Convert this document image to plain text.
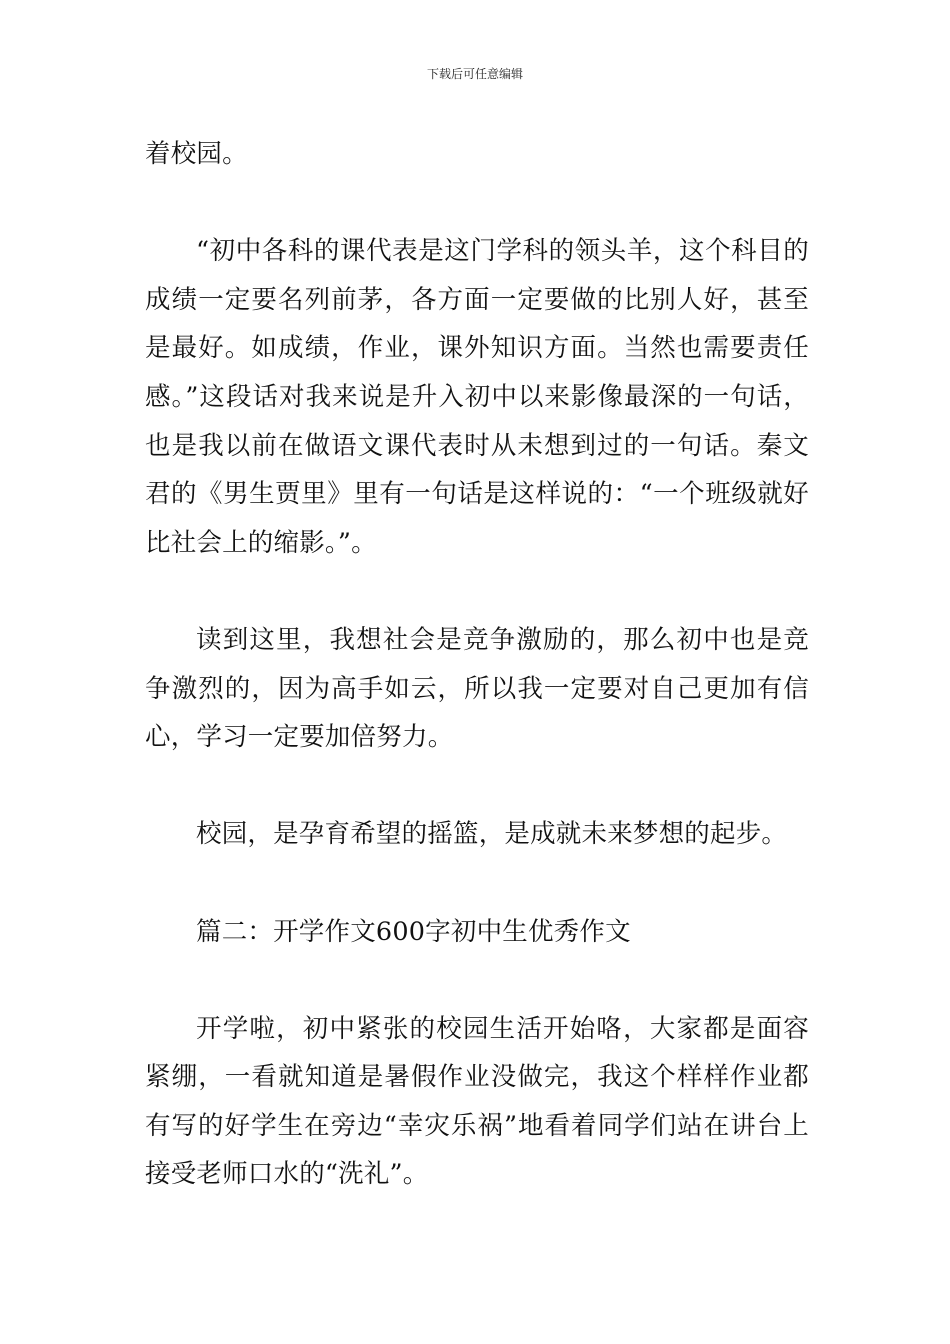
下载后可任意编辑

着校园。

“初中各科的课代表是这门学科的领头羊，这个科目的成绩一定要名列前茅，各方面一定要做的比别人好，甚至是最好。如成绩，作业，课外知识方面。当然也需要责任感。”这段话对我来说是升入初中以来影像最深的一句话，也是我以前在做语文课代表时从未想到过的一句话。秦文君的《男生贾里》里有一句话是这样说的：“一个班级就好比社会上的缩影。”。

读到这里，我想社会是竞争激励的，那么初中也是竞争激烈的，因为高手如云，所以我一定要对自己更加有信心，学习一定要加倍努力。

校园，是孕育希望的摇篮，是成就未来梦想的起步。

篇二：开学作文600字初中生优秀作文

开学啦，初中紧张的校园生活开始咯，大家都是面容紧绷，一看就知道是暑假作业没做完，我这个样样作业都有写的好学生在旁边“幸灾乐祸”地看着同学们站在讲台上接受老师口水的“洗礼”。
